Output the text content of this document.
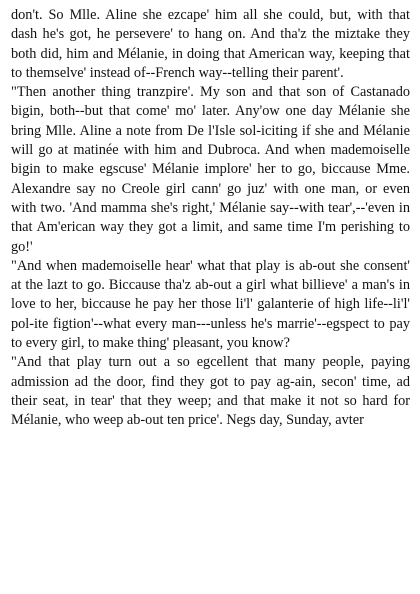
don't. So Mlle. Aline she ezcape' him all she could, but, with that dash he's got, he persevere' to hang on. And tha'z the miztake they both did, him and Mélanie, in doing that American way, keeping that to themselve' instead of--French way--telling their parent'.

"Then another thing tranzpire'. My son and that son of Castanado bigin, both--but that come' mo' later. Any'ow one day Mélanie she bring Mlle. Aline a note from De l'Isle sol-iciting if she and Mélanie will go at matinée with him and Dubroca. And when mademoiselle bigin to make egscuse' Mélanie implore' her to go, biccause Mme. Alexandre say no Creole girl cann' go juz' with one man, or even with two. 'And mamma she's right,' Mélanie say--with tear',--'even in that Am'erican way they got a limit, and same time I'm perishing to go!'

"And when mademoiselle hear' what that play is ab-out she consent' at the lazt to go. Biccause tha'z ab-out a girl what billieve' a man's in love to her, biccause he pay her those li'l' galanterie of high life--li'l' pol-ite figtion'--what every man---unless he's marrie'--egspect to pay to every girl, to make thing' pleasant, you know?

"And that play turn out a so egcellent that many people, paying admission ad the door, find they got to pay ag-ain, secon' time, ad their seat, in tear' that they weep; and that make it not so hard for Mélanie, who weep ab-out ten price'. Negs day, Sunday, avter
